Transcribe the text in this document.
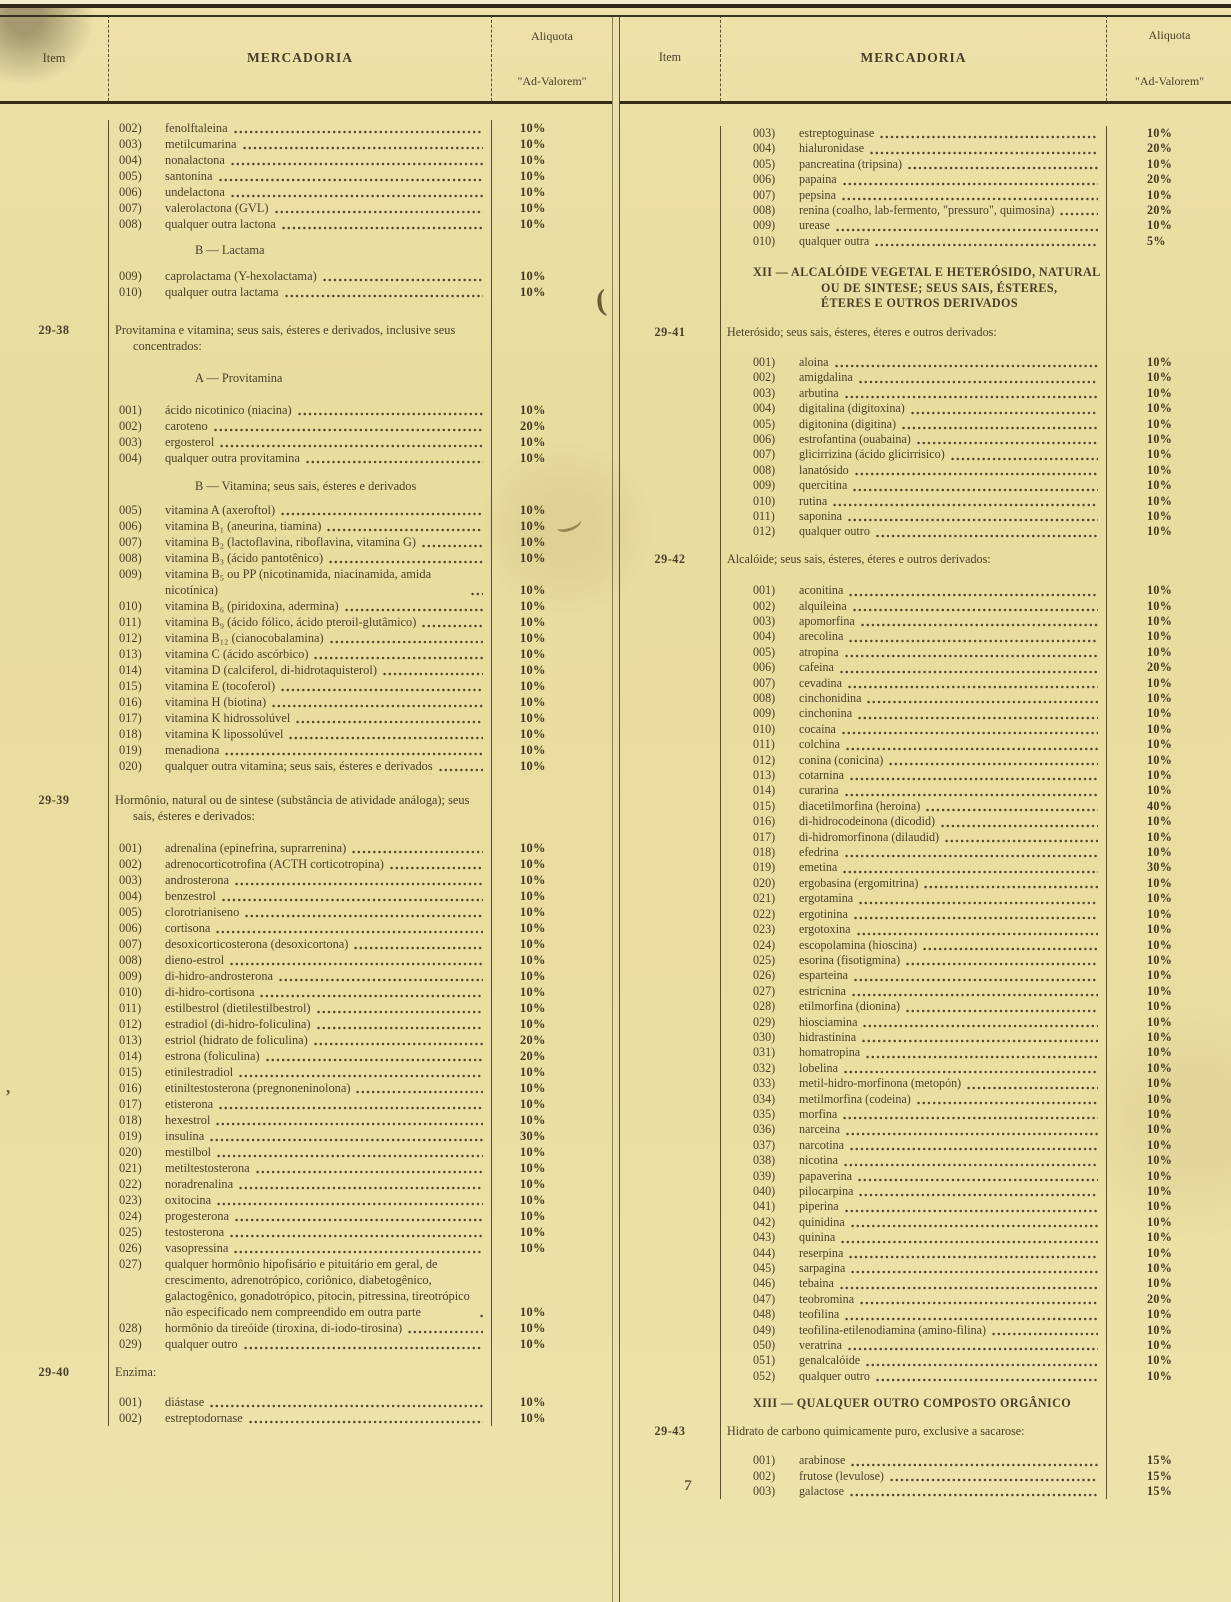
Item	MERCADORIA
Aliquota
"Ad-Valorem"
002)	fenolftaleina	10%
003)	metilcumarina	10%
004)	nonalactona	10%
005)	santonina	10%
006)	undelactona	10%
007)	valerolactona (GVL)	10%
008)	qualquer outra lactona	10%
B — Lactama
009)	caprolactama (Y-hexolactama)	10%
010)	qualquer outra lactama	10%
29-38	Provitamina e vitamina; seus sais, ésteres e derivados, inclusive seus concentrados:
A — Provitamina
001)	ácido nicotinico (niacina)	10%
002)	caroteno	20%
003)	ergosterol	10%
004)	qualquer outra provitamina	10%
B — Vitamina; seus sais, ésteres e derivados
005)	vitamina A (axeroftol)	10%
006)	vitamina B₁ (aneurina, tiamina)	10%
007)	vitamina B₂ (lactoflavina, riboflavina, vitamina G)	10%
008)	vitamina B₃ (ácido pantotênico)	10%
009)	vitamina B₅ ou PP (nicotinamida, niacinamida, amida nicotínica)	10%
010)	vitamina B₆ (piridoxina, adermina)	10%
011)	vitamina B₉ (ácido fólico, ácido pteroil-glutâmico)	10%
012)	vitamina B₁₂ (cianocobalamina)	10%
013)	vitamina C (ácido ascórbico)	10%
014)	vitamina D (calciferol, di-hidrotaquisterol)	10%
015)	vitamina E (tocoferol)	10%
016)	vitamina H (biotina)	10%
017)	vitamina K hidrossolúvel	10%
018)	vitamina K lipossolúvel	10%
019)	menadiona	10%
020)	qualquer outra vitamina; seus sais, ésteres e derivados	10%
29-39	Hormônio, natural ou de sintese (substância de atividade análoga); seus sais, ésteres e derivados:
001)	adrenalina (epinefrina, suprarrenina)	10%
002)	adrenocorticotrofina (ACTH corticotropina)	10%
003)	androsterona	10%
004)	benzestrol	10%
005)	clorotrianiseno	10%
006)	cortisona	10%
007)	desoxicorticosterona (desoxicortona)	10%
008)	dieno-estrol	10%
009)	di-hidro-androsterona	10%
010)	di-hidro-cortisona	10%
011)	estilbestrol (dietilestilbestrol)	10%
012)	estradiol (di-hidro-foliculina)	10%
013)	estriol (hidrato de foliculina)	20%
014)	estrona (foliculina)	20%
015)	etinilestradiol	10%
016)	etiniltestosterona (pregnoneninolona)	10%
017)	etisterona	10%
018)	hexestrol	10%
019)	insulina	30%
020)	mestilbol	10%
021)	metiltestosterona	10%
022)	noradrenalina	10%
023)	oxitocina	10%
024)	progesterona	10%
025)	testosterona	10%
026)	vasopressina	10%
027)	qualquer hormônio hipofisário e pituitário em geral, de crescimento, adrenotrópico, coriônico, diabetogênico, galactogênico, gonadotrópico, pitocin, pitressina, tireotrópico não especificado nem compreendido em outra parte	10%
028)	hormônio da tireóide (tiroxina, di-iodo-tirosina)	10%
029)	qualquer outro	10%
29-40	Enzima:
001)	diástase	10%
002)	estreptodornase	10%
Item	MERCADORIA
Aliquota
"Ad-Valorem"
003)	estreptoguinase	10%
004)	hialuronidase	20%
005)	pancreatina (tripsina)	10%
006)	papaina	20%
007)	pepsina	10%
008)	renina (coalho, lab-fermento, "pressuro", quimosina)	20%
009)	urease	10%
010)	qualquer outra	5%
XII — ALCALÓIDE VEGETAL E HETERÓSIDO, NATURAL OU DE SINTESE; SEUS SAIS, ÉSTERES, ÉTERES E OUTROS DERIVADOS
29-41	Heterósido; seus sais, ésteres, éteres e outros derivados:
001)	aloina	10%
002)	amigdalina	10%
003)	arbutina	10%
004)	digitalina (digitoxina)	10%
005)	digitonina (digitina)	10%
006)	estrofantina (ouabaina)	10%
007)	glicirrizina (ácido glicirrisico)	10%
008)	lanatósido	10%
009)	quercitina	10%
010)	rutina	10%
011)	saponina	10%
012)	qualquer outro	10%
29-42	Alcalóide; seus sais, ésteres, éteres e outros derivados:
001)	aconitina	10%
002)	alquileina	10%
003)	apomorfina	10%
004)	arecolina	10%
005)	atropina	10%
006)	cafeina	20%
007)	cevadina	10%
008)	cinchonidina	10%
009)	cinchonina	10%
010)	cocaina	10%
011)	colchina	10%
012)	conina (conicina)	10%
013)	cotarnina	10%
014)	curarina	10%
015)	diacetilmorfina (heroina)	40%
016)	di-hidrocodeinona (dicodid)	10%
017)	di-hidromorfinona (dilaudid)	10%
018)	efedrina	10%
019)	emetina	30%
020)	ergobasina (ergomitrina)	10%
021)	ergotamina	10%
022)	ergotinina	10%
023)	ergotoxina	10%
024)	escopolamina (hioscina)	10%
025)	esorina (fisotigmina)	10%
026)	esparteina	10%
027)	estricnina	10%
028)	etilmorfina (dionina)	10%
029)	hiosciamina	10%
030)	hidrastinina	10%
031)	homatropina	10%
032)	lobelina	10%
033)	metil-hidro-morfinona (metopón)	10%
034)	metilmorfina (codeina)	10%
035)	morfina	10%
036)	narceina	10%
037)	narcotina	10%
038)	nicotina	10%
039)	papaverina	10%
040)	pilocarpina	10%
041)	piperina	10%
042)	quinidina	10%
043)	quinina	10%
044)	reserpina	10%
045)	sarpagina	10%
046)	tebaina	10%
047)	teobromina	20%
048)	teofilina	10%
049)	teofilina-etilenodiamina (amino-filina)	10%
050)	veratrina	10%
051)	genalcalóide	10%
052)	qualquer outro	10%
XIII — QUALQUER OUTRO COMPOSTO ORGÂNICO
29-43	Hidrato de carbono quimicamente puro, exclusive a sacarose:
001)	arabinose	15%
002)	frutose (levulose)	15%
003)	galactose	15%
(
’
7
